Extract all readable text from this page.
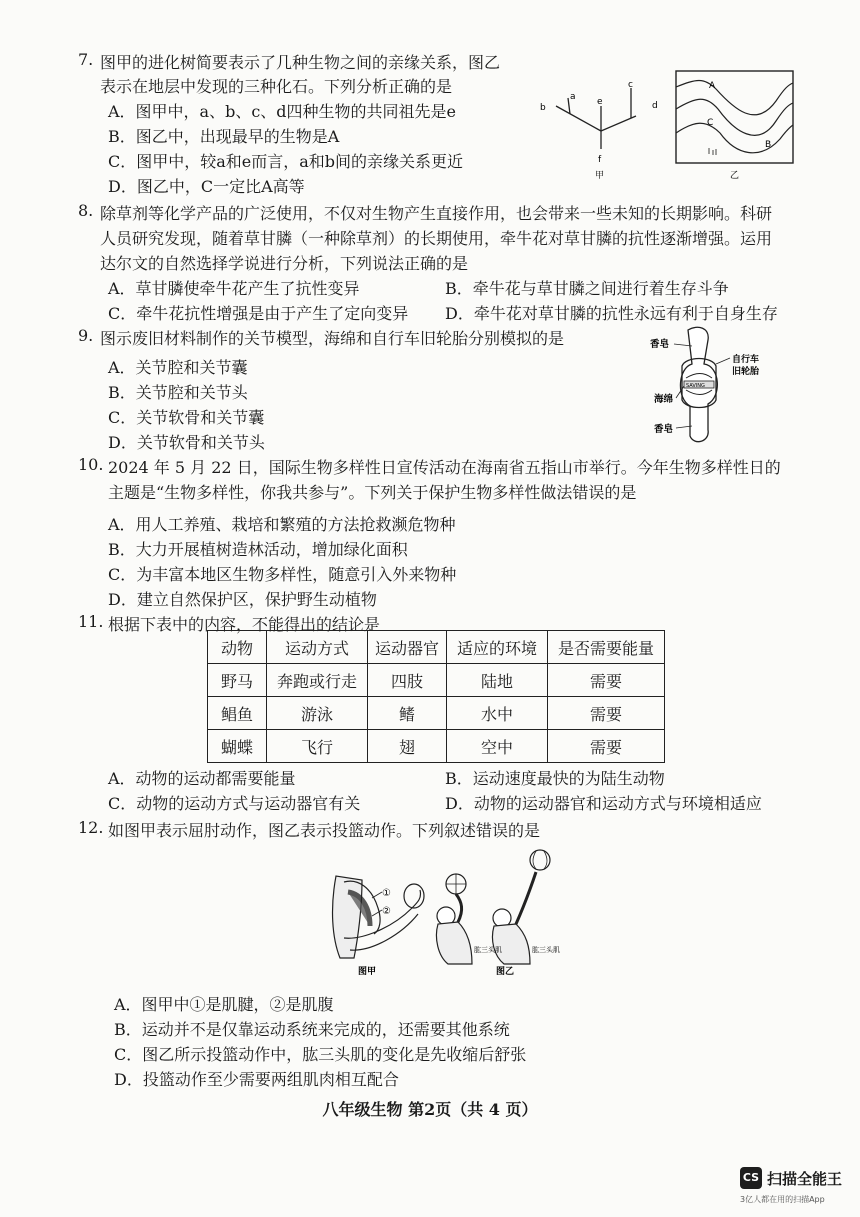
7. 图甲的进化树简要表示了几种生物之间的亲缘关系，图乙
表示在地层中发现的三种化石。下列分析正确的是
A．图甲中，a、b、c、d四种生物的共同祖先是e
B．图乙中，出现最早的生物是A
C．图甲中，较a和e而言，a和b间的亲缘关系更近
D．图乙中，C一定比A高等
b
a e
c
d
f
甲
A
C
B
乙
8. 除草剂等化学产品的广泛使用，不仅对生物产生直接作用，也会带来一些未知的长期影响。科研
人员研究发现，随着草甘膦（一种除草剂）的长期使用，牵牛花对草甘膦的抗性逐渐增强。运用
达尔文的自然选择学说进行分析，下列说法正确的是
A．草甘膦使牵牛花产生了抗性变异	B．牵牛花与草甘膦之间进行着生存斗争
C．牵牛花抗性增强是由于产生了定向变异 D．牵牛花对草甘膦的抗性永远有利于自身生存
9. 图示废旧材料制作的关节模型，海绵和自行车旧轮胎分别模拟的是
A．关节腔和关节囊
B．关节腔和关节头
C．关节软骨和关节囊
D．关节软骨和关节头
SAVING
香皂
自行车旧轮胎
海绵
香皂
10. 2024 年 5 月 22 日，国际生物多样性日宣传活动在海南省五指山市举行。今年生物多样性日的
主题是“生物多样性，你我共参与”。下列关于保护生物多样性做法错误的是
A．用人工养殖、栽培和繁殖的方法抢救濒危物种
B．大力开展植树造林活动，增加绿化面积
C．为丰富本地区生物多样性，随意引入外来物种
D．建立自然保护区，保护野生动植物
11. 根据下表中的内容，不能得出的结论是
动物	运动方式	运动器官	适应的环境	是否需要能量
野马	奔跑或行走	四肢	陆地	需要
鲳鱼	游泳	鳍	水中	需要
蝴蝶	飞行	翅	空中	需要
A．动物的运动都需要能量	B．运动速度最快的为陆生动物
C．动物的运动方式与运动器官有关	D．动物的运动器官和运动方式与环境相适应
12. 如图甲表示屈肘动作，图乙表示投篮动作。下列叙述错误的是
①
②
图甲
肱三头肌	肱三头肌
图乙
A．图甲中①是肌腱，②是肌腹
B．运动并不是仅靠运动系统来完成的，还需要其他系统
C．图乙所示投篮动作中，肱三头肌的变化是先收缩后舒张
D．投篮动作至少需要两组肌肉相互配合
八年级生物 第2页（共 4 页）
CS 扫描全能王
3亿人都在用的扫描App
